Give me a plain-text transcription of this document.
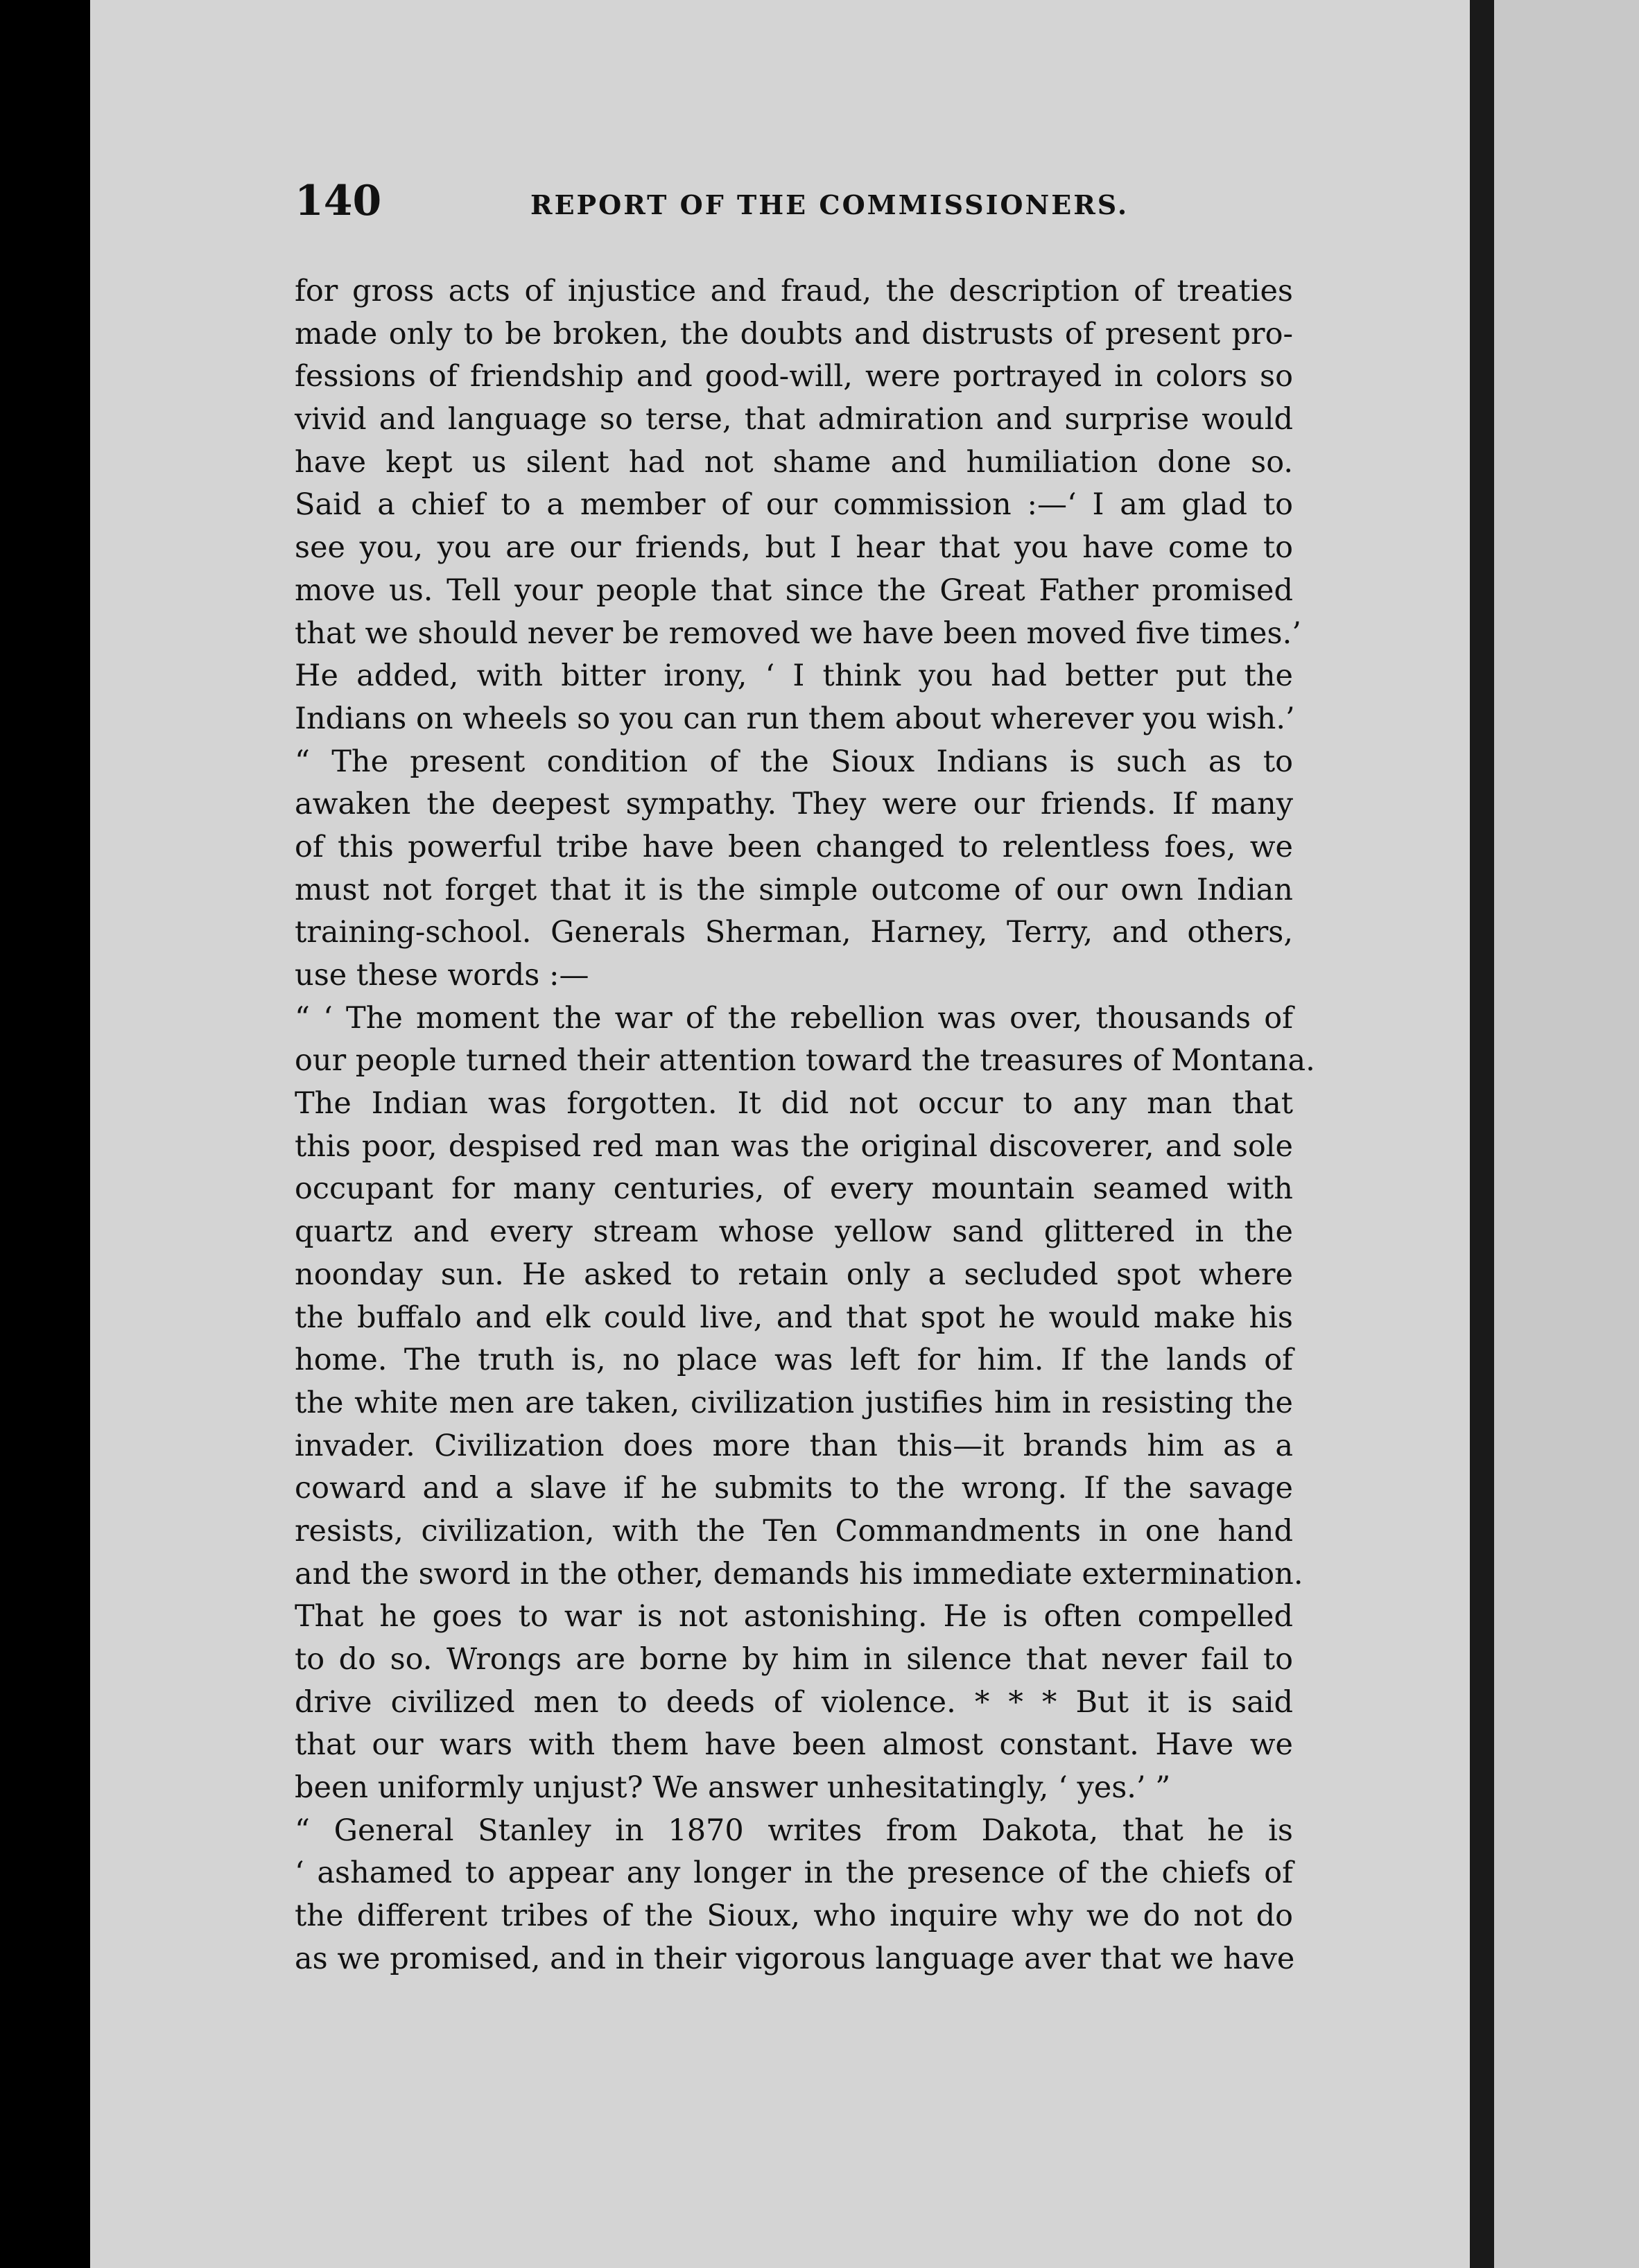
140	REPORT OF THE COMMISSIONERS.
for gross acts of injustice and fraud, the description of treaties
made only to be broken, the doubts and distrusts of present pro-
fessions of friendship and good-will, were portrayed in colors so
vivid and language so terse, that admiration and surprise would
have kept us silent had not shame and humiliation done so.
Said a chief to a member of our commission :—‘ I am glad to
see you, you are our friends, but I hear that you have come to
move us. Tell your people that since the Great Father promised
that we should never be removed we have been moved five times.’
He added, with bitter irony, ‘ I think you had better put the
Indians on wheels so you can run them about wherever you wish.’
“ The present condition of the Sioux Indians is such as to
awaken the deepest sympathy. They were our friends. If many
of this powerful tribe have been changed to relentless foes, we
must not forget that it is the simple outcome of our own Indian
training-school. Generals Sherman, Harney, Terry, and others,
use these words :—
“ ‘ The moment the war of the rebellion was over, thousands of
our people turned their attention toward the treasures of Montana.
The Indian was forgotten. It did not occur to any man that
this poor, despised red man was the original discoverer, and sole
occupant for many centuries, of every mountain seamed with
quartz and every stream whose yellow sand glittered in the
noonday sun. He asked to retain only a secluded spot where
the buffalo and elk could live, and that spot he would make his
home. The truth is, no place was left for him. If the lands of
the white men are taken, civilization justifies him in resisting the
invader. Civilization does more than this—it brands him as a
coward and a slave if he submits to the wrong. If the savage
resists, civilization, with the Ten Commandments in one hand
and the sword in the other, demands his immediate extermination.
That he goes to war is not astonishing. He is often compelled
to do so. Wrongs are borne by him in silence that never fail to
drive civilized men to deeds of violence. * * * But it is said
that our wars with them have been almost constant. Have we
been uniformly unjust? We answer unhesitatingly, ‘ yes.’ ”
“ General Stanley in 1870 writes from Dakota, that he is
‘ ashamed to appear any longer in the presence of the chiefs of
the different tribes of the Sioux, who inquire why we do not do
as we promised, and in their vigorous language aver that we have
